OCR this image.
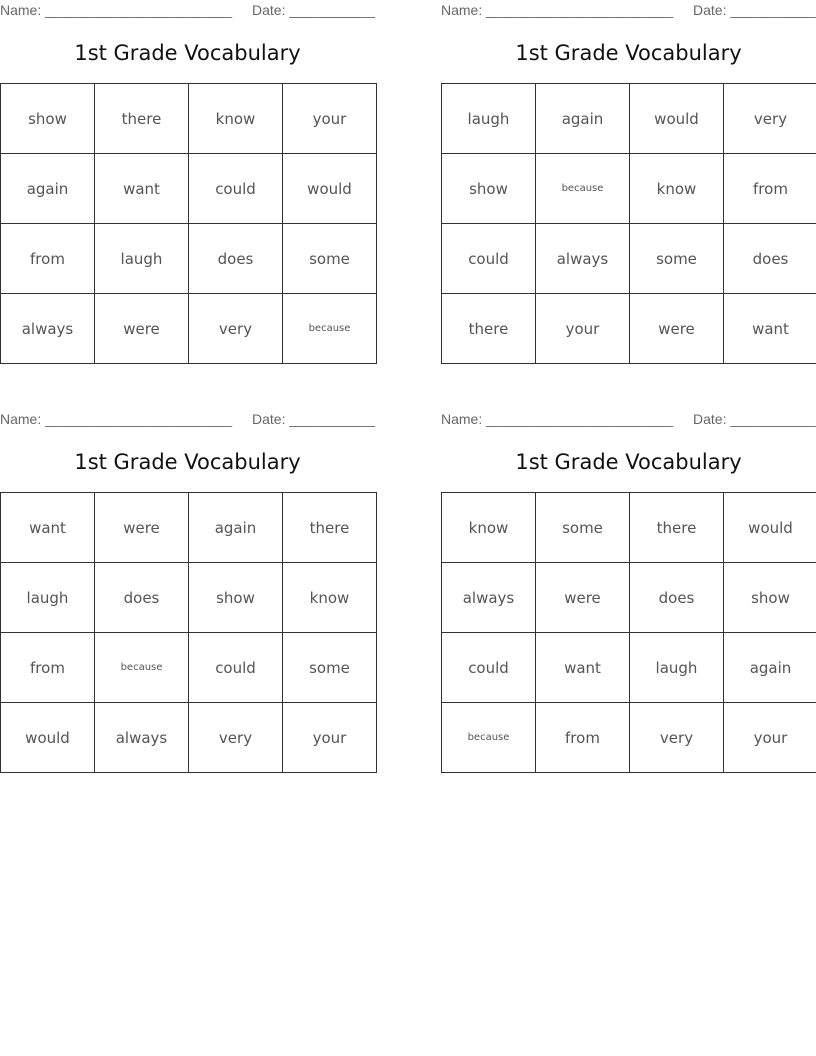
Name: ________________________ Date: ___________
1st Grade Vocabulary
show	there	know	your
again	want	could	would
from	laugh	does	some
always	were	very	because
Name: ________________________ Date: ___________
1st Grade Vocabulary
laugh	again	would	very
show	because	know	from
could	always	some	does
there	your	were	want
Name: ________________________ Date: ___________
1st Grade Vocabulary
want	were	again	there
laugh	does	show	know
from	because	could	some
would	always	very	your
Name: ________________________ Date: ___________
1st Grade Vocabulary
know	some	there	would
always	were	does	show
could	want	laugh	again
because	from	very	your
